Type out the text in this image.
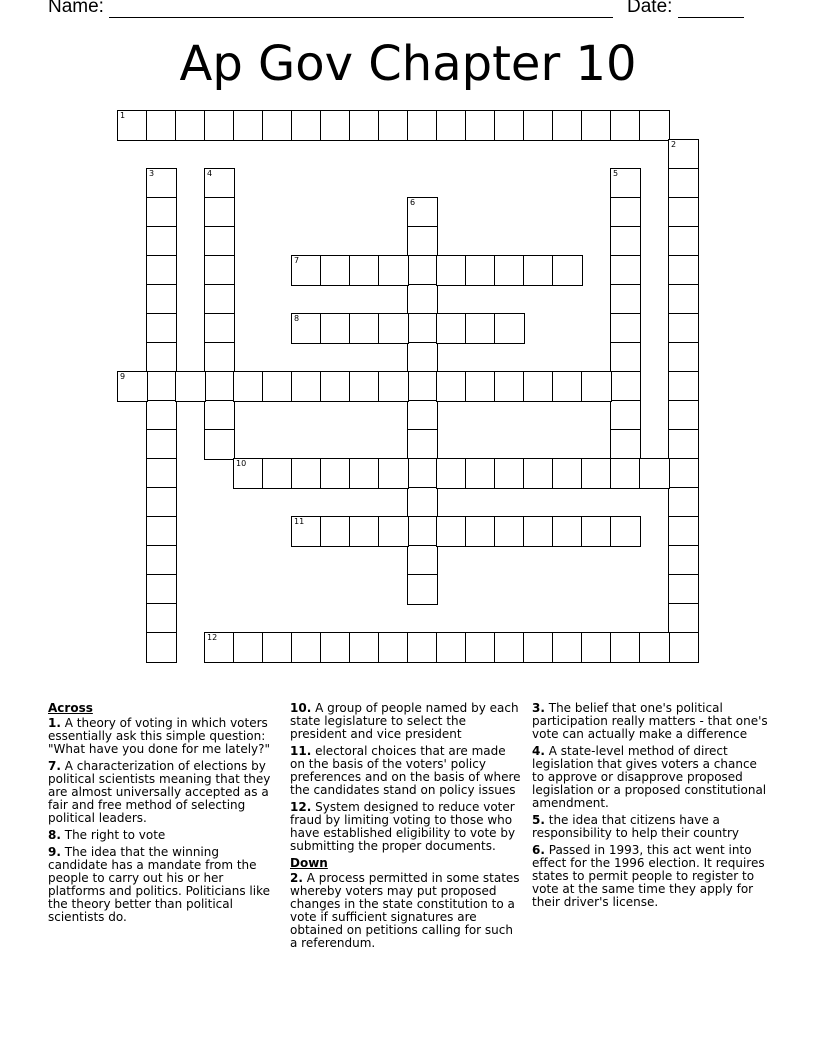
Name:	Date:
Ap Gov Chapter 10
1
2
3	4	5
6
7
8
9
10
11
12
Across
1. A theory of voting in which voters essentially ask this simple question: "What have you done for me lately?"
7. A characterization of elections by political scientists meaning that they are almost universally accepted as a fair and free method of selecting political leaders.
8. The right to vote
9. The idea that the winning candidate has a mandate from the people to carry out his or her platforms and politics. Politicians like the theory better than political scientists do.
10. A group of people named by each state legislature to select the president and vice president
11. electoral choices that are made on the basis of the voters' policy preferences and on the basis of where the candidates stand on policy issues
12. System designed to reduce voter fraud by limiting voting to those who have established eligibility to vote by submitting the proper documents.
Down
2. A process permitted in some states whereby voters may put proposed changes in the state constitution to a vote if sufficient signatures are obtained on petitions calling for such a referendum.
3. The belief that one's political participation really matters - that one's vote can actually make a difference
4. A state-level method of direct legislation that gives voters a chance to approve or disapprove proposed legislation or a proposed constitutional amendment.
5. the idea that citizens have a responsibility to help their country
6. Passed in 1993, this act went into effect for the 1996 election. It requires states to permit people to register to vote at the same time they apply for their driver's license.
